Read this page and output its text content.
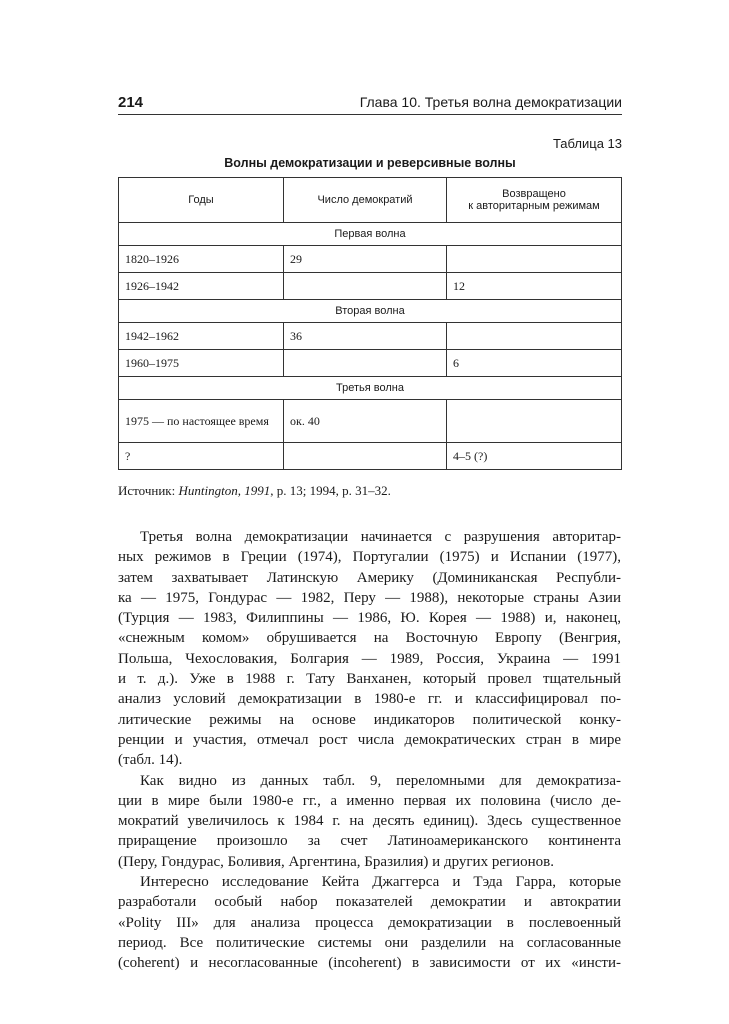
214	Глава 10. Третья волна демократизации
Таблица 13
Волны демократизации и реверсивные волны
Годы	Число демократий	Возвращено
к авторитарным режимам
Первая волна		
1820–1926	29	
1926–1942		12
Вторая волна		
1942–1962	36	
1960–1975		6
Третья волна		
1975 — по настоящее время	ок. 40	
?		4–5 (?)
Источник: Huntington, 1991, p. 13; 1994, p. 31–32.
Третья волна демократизации начинается с разрушения авторитар-
ных режимов в Греции (1974), Португалии (1975) и Испании (1977),
затем захватывает Латинскую Америку (Доминиканская Республи-
ка — 1975, Гондурас — 1982, Перу — 1988), некоторые страны Азии
(Турция — 1983, Филиппины — 1986, Ю. Корея — 1988) и, наконец,
«снежным комом» обрушивается на Восточную Европу (Венгрия,
Польша, Чехословакия, Болгария — 1989, Россия, Украина — 1991
и т. д.). Уже в 1988 г. Тату Ванханен, который провел тщательный
анализ условий демократизации в 1980-е гг. и классифицировал по-
литические режимы на основе индикаторов политической конку-
ренции и участия, отмечал рост числа демократических стран в мире
(табл. 14).
Как видно из данных табл. 9, переломными для демократиза-
ции в мире были 1980-е гг., а именно первая их половина (число де-
мократий увеличилось к 1984 г. на десять единиц). Здесь существенное
приращение произошло за счет Латиноамериканского континента
(Перу, Гондурас, Боливия, Аргентина, Бразилия) и других регионов.
Интересно исследование Кейта Джаггерса и Тэда Гарра, которые
разработали особый набор показателей демократии и автократии
«Polity III» для анализа процесса демократизации в послевоенный
период. Все политические системы они разделили на согласованные
(coherent) и несогласованные (incoherent) в зависимости от их «инсти-
